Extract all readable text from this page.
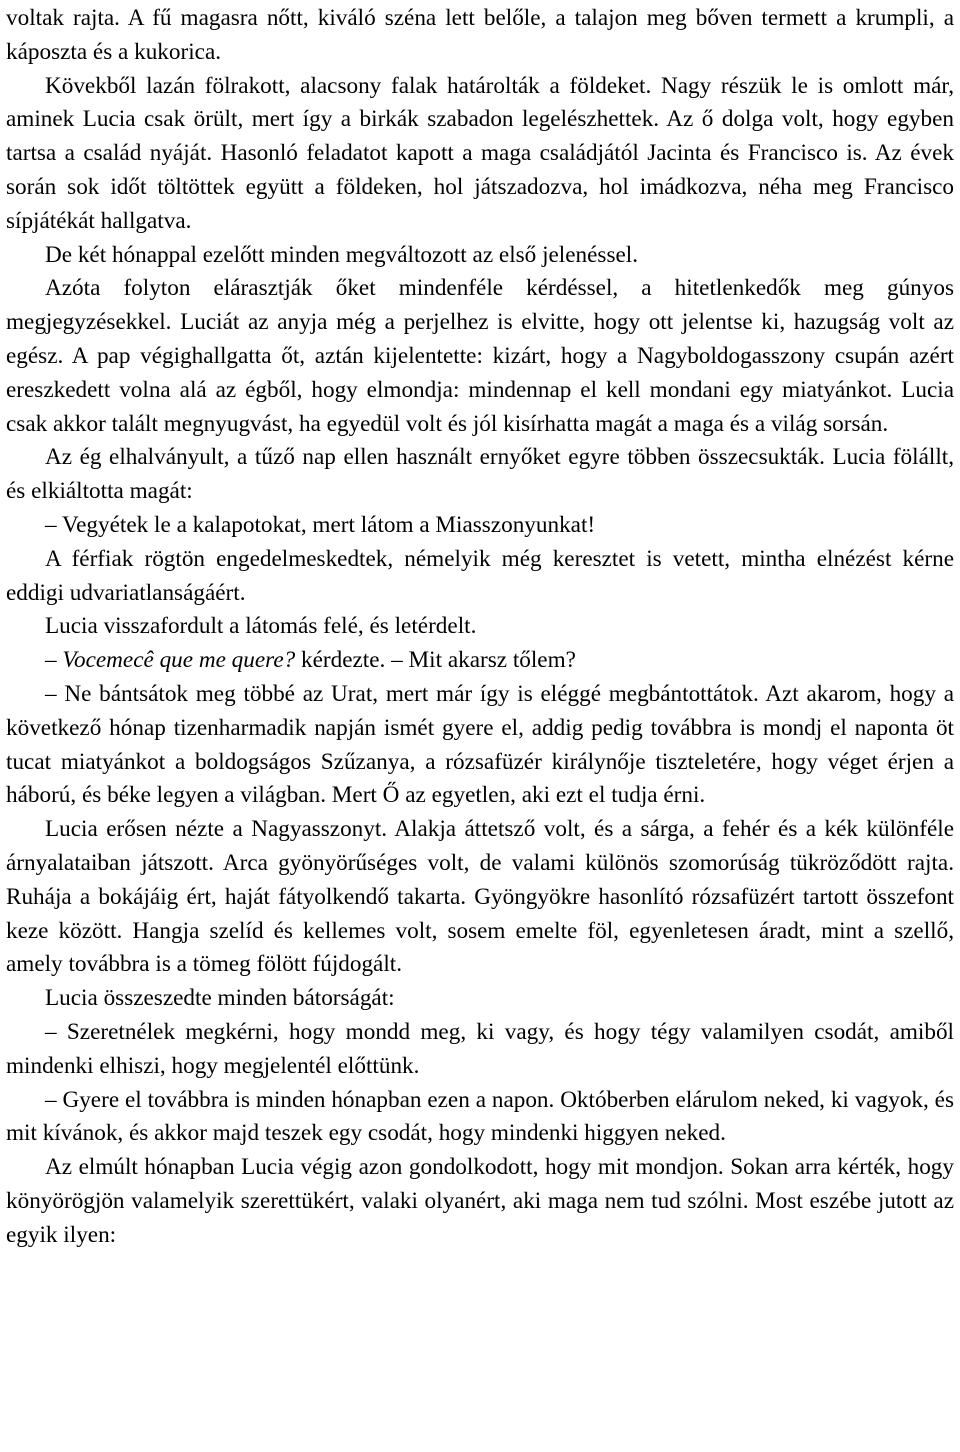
voltak rajta. A fű magasra nőtt, kiváló széna lett belőle, a talajon meg bőven termett a krumpli, a káposzta és a kukorica.

Kövekből lazán fölrakott, alacsony falak határolták a földeket. Nagy részük le is omlott már, aminek Lucia csak örült, mert így a birkák szabadon legelészhettek. Az ő dolga volt, hogy egyben tartsa a család nyáját. Hasonló feladatot kapott a maga családjától Jacinta és Francisco is. Az évek során sok időt töltöttek együtt a földeken, hol játszadozva, hol imádkozva, néha meg Francisco sípjátékát hallgatva.

De két hónappal ezelőtt minden megváltozott az első jelenéssel.

Azóta folyton elárasztják őket mindenféle kérdéssel, a hitetlenkedők meg gúnyos megjegyzésekkel. Luciát az anyja még a perjelhez is elvitte, hogy ott jelentse ki, hazugság volt az egész. A pap végighallgatta őt, aztán kijelentette: kizárt, hogy a Nagyboldogasszony csupán azért ereszkedett volna alá az égből, hogy elmondja: mindennap el kell mondani egy miatyánkot. Lucia csak akkor talált megnyugvást, ha egyedül volt és jól kisírhatta magát a maga és a világ sorsán.

Az ég elhalványult, a tűző nap ellen használt ernyőket egyre többen összecsukták. Lucia fölállt, és elkiáltotta magát:

– Vegyétek le a kalapotokat, mert látom a Miasszonyunkat!

A férfiak rögtön engedelmeskedtek, némelyik még keresztet is vetett, mintha elnézést kérne eddigi udvariatlanságáért.

Lucia visszafordult a látomás felé, és letérdelt.

– Vocemecê que me quere? kérdezte. – Mit akarsz tőlem?

– Ne bántsátok meg többé az Urat, mert már így is eléggé megbántottátok. Azt akarom, hogy a következő hónap tizenharmadik napján ismét gyere el, addig pedig továbbra is mondj el naponta öt tucat miatyánkot a boldogságos Szűzanya, a rózsafüzér királynője tiszteletére, hogy véget érjen a háború, és béke legyen a világban. Mert Ő az egyetlen, aki ezt el tudja érni.

Lucia erősen nézte a Nagyasszonyt. Alakja áttetsző volt, és a sárga, a fehér és a kék különféle árnyalataiban játszott. Arca gyönyörűséges volt, de valami különös szomorúság tükröződött rajta. Ruhája a bokájáig ért, haját fátyolkendő takarta. Gyöngyökre hasonlító rózsafüzért tartott összefont keze között. Hangja szelíd és kellemes volt, sosem emelte föl, egyenletesen áradt, mint a szellő, amely továbbra is a tömeg fölött fújdogált.

Lucia összeszedte minden bátorságát:

– Szeretnélek megkérni, hogy mondd meg, ki vagy, és hogy tégy valamilyen csodát, amiből mindenki elhiszi, hogy megjelentél előttünk.

– Gyere el továbbra is minden hónapban ezen a napon. Októberben elárulom neked, ki vagyok, és mit kívánok, és akkor majd teszek egy csodát, hogy mindenki higgyen neked.

Az elmúlt hónapban Lucia végig azon gondolkodott, hogy mit mondjon. Sokan arra kérték, hogy könyörögjön valamelyik szerettükért, valaki olyanért, aki maga nem tud szólni. Most eszébe jutott az egyik ilyen:
